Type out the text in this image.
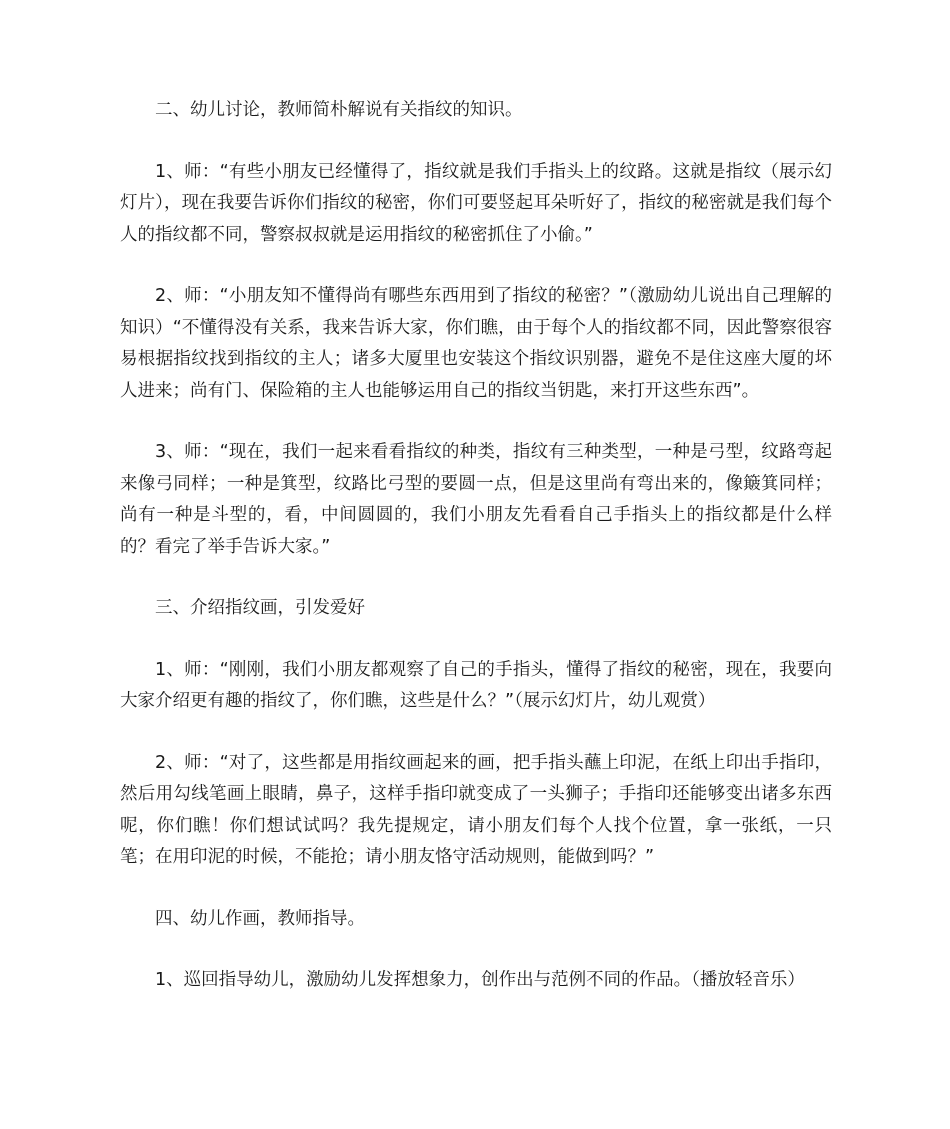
二、幼儿讨论，教师简朴解说有关指纹的知识。

1、师：“有些小朋友已经懂得了，指纹就是我们手指头上的纹路。这就是指纹（展示幻灯片），现在我要告诉你们指纹的秘密，你们可要竖起耳朵听好了，指纹的秘密就是我们每个人的指纹都不同，警察叔叔就是运用指纹的秘密抓住了小偷。”

2、师：“小朋友知不懂得尚有哪些东西用到了指纹的秘密？”（激励幼儿说出自己理解的知识）“不懂得没有关系，我来告诉大家，你们瞧，由于每个人的指纹都不同，因此警察很容易根据指纹找到指纹的主人；诸多大厦里也安装这个指纹识别器，避免不是住这座大厦的坏人进来；尚有门、保险箱的主人也能够运用自己的指纹当钥匙，来打开这些东西”。

3、师：“现在，我们一起来看看指纹的种类，指纹有三种类型，一种是弓型，纹路弯起来像弓同样；一种是箕型，纹路比弓型的要圆一点，但是这里尚有弯出来的，像簸箕同样；尚有一种是斗型的，看，中间圆圆的，我们小朋友先看看自己手指头上的指纹都是什么样的？看完了举手告诉大家。”

三、介绍指纹画，引发爱好

1、师：“刚刚，我们小朋友都观察了自己的手指头，懂得了指纹的秘密，现在，我要向大家介绍更有趣的指纹了，你们瞧，这些是什么？”（展示幻灯片，幼儿观赏）

2、师：“对了，这些都是用指纹画起来的画，把手指头蘸上印泥，在纸上印出手指印，然后用勾线笔画上眼睛，鼻子，这样手指印就变成了一头狮子；手指印还能够变出诸多东西呢，你们瞧！你们想试试吗？我先提规定，请小朋友们每个人找个位置，拿一张纸，一只笔；在用印泥的时候，不能抢；请小朋友恪守活动规则，能做到吗？”

四、幼儿作画，教师指导。

1、巡回指导幼儿，激励幼儿发挥想象力，创作出与范例不同的作品。（播放轻音乐）
